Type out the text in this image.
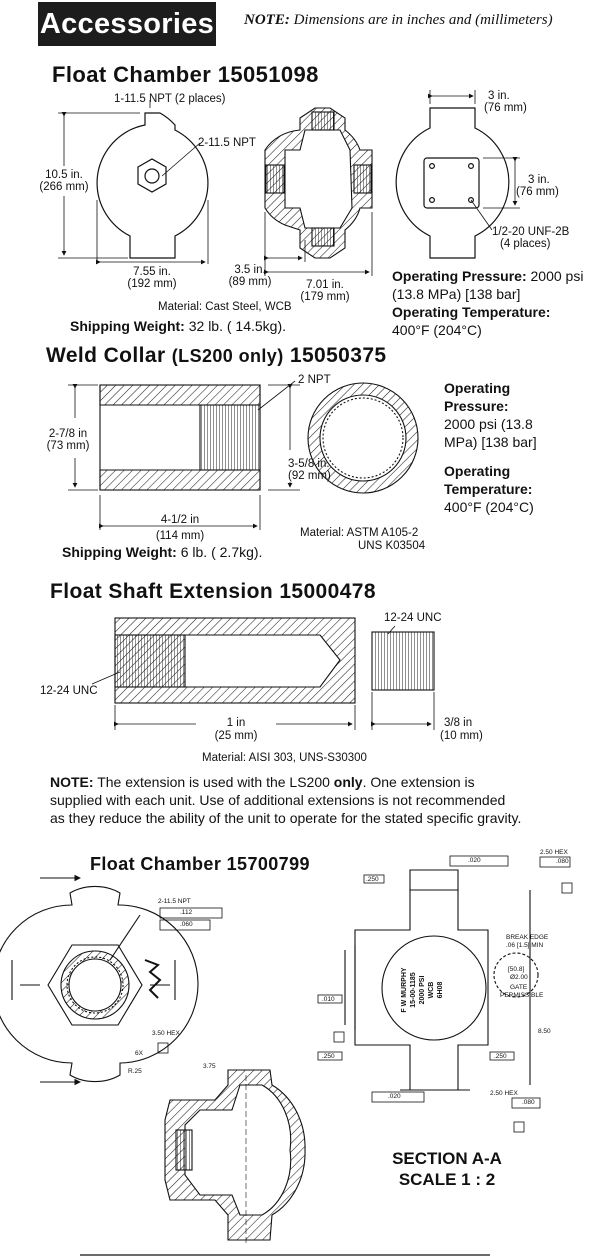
Accessories NOTE: Dimensions are in inches and (millimeters)
Float Chamber 15051098
1-11.5 NPT (2 places)
2-11.5 NPT
10.5 in.
(266 mm)
7.55 in.
(192 mm)
3.5 in.
(89 mm)	7.01 in.
(179 mm)
3 in.
(76 mm)
3 in.
(76 mm)
1/2-20 UNF-2B
(4 places)
Material: Cast Steel, WCB
Shipping Weight: 32 lb. ( 14.5kg).
Operating Pressure: 2000 psi
(13.8 MPa) [138 bar]
Operating Temperature:
400°F (204°C)
Weld Collar (LS200 only) 15050375
2 NPT
2-7/8 in
(73 mm)
3-5/8 in.
(92 mm)
4-1/2 in
(114 mm)	Material: ASTM A105-2
UNS K03504
Shipping Weight: 6 lb. ( 2.7kg).
Operating
Pressure:
2000 psi (13.8
MPa) [138 bar]
Operating
Temperature:
400°F (204°C)
Float Shaft Extension 15000478
12-24 UNC
12-24 UNC
1 in
(25 mm)
3/8 in
(10 mm)
Material: AISI 303, UNS-S30300
NOTE: The extension is used with the LS200 only. One extension is
supplied with each unit. Use of additional extensions is not recommended
as they reduce the ability of the unit to operate for the stated specific gravity.
Float Chamber 15700799
2-11.5 NPT
.112
.060
3.50 HEX
6X
R.25
2.50 HEX
.020	.080
.250
BREAK EDGE
.06 [1.5] MIN
[50.8]
Ø2.00
GATE
PERMISSIBLE
8.50
.010
.250	.250
2.50 HEX
.020
.080
3.75
F W MURPHY 15-00-1185 2000 PSI WCB 6H08
SECTION A-A
SCALE 1 : 2
